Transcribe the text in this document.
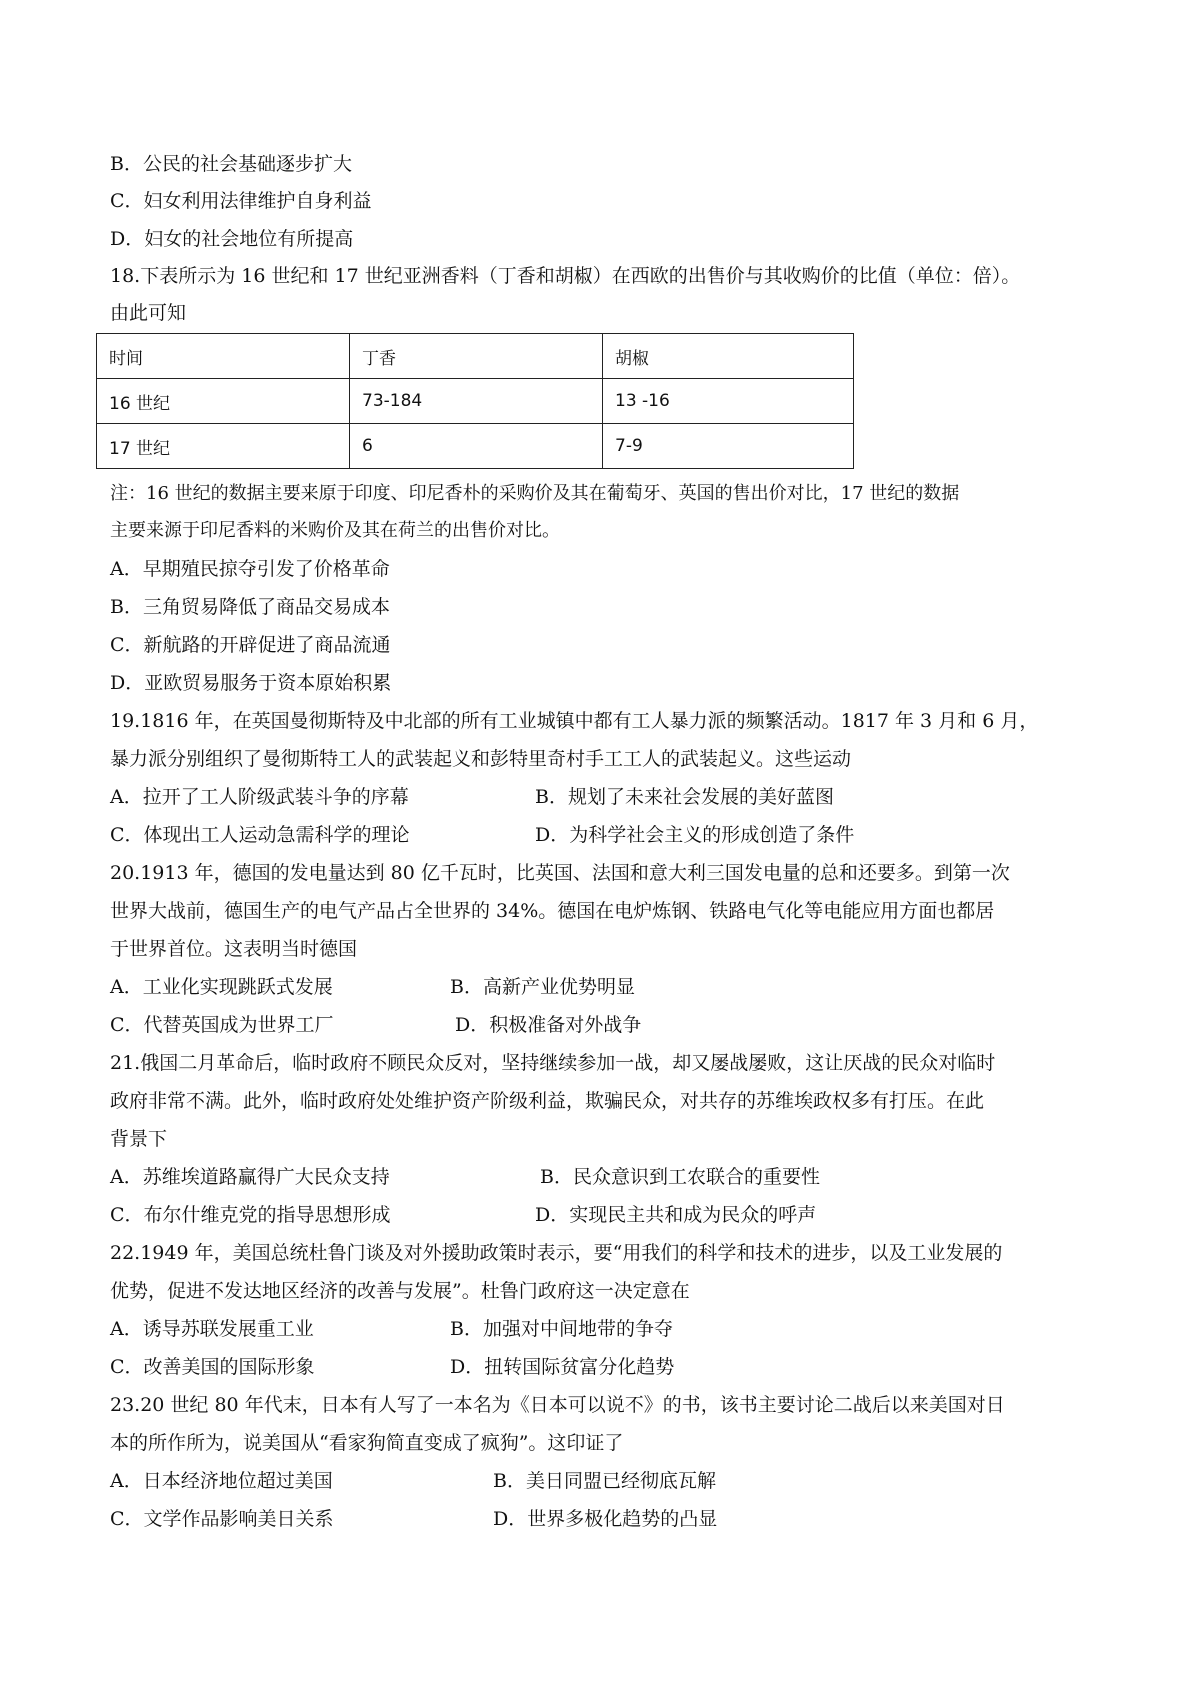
B．公民的社会基础逐步扩大
C．妇女利用法律维护自身利益
D．妇女的社会地位有所提高
18.下表所示为 16 世纪和 17 世纪亚洲香料（丁香和胡椒）在西欧的出售价与其收购价的比值（单位：倍）。
由此可知
时间	丁香	胡椒
16 世纪	73-184	13 -16
17 世纪	6	7-9
注：16 世纪的数据主要来原于印度、印尼香朴的采购价及其在葡萄牙、英国的售出价对比，17 世纪的数据
主要来源于印尼香料的米购价及其在荷兰的出售价对比。
A．早期殖民掠夺引发了价格革命
B．三角贸易降低了商品交易成本
C．新航路的开辟促进了商品流通
D．亚欧贸易服务于资本原始积累
19.1816 年，在英国曼彻斯特及中北部的所有工业城镇中都有工人暴力派的频繁活动。1817 年 3 月和 6 月，
暴力派分别组织了曼彻斯特工人的武装起义和彭特里奇村手工工人的武装起义。这些运动
A．拉开了工人阶级武装斗争的序幕	B．规划了未来社会发展的美好蓝图
C．体现出工人运动急需科学的理论	D．为科学社会主义的形成创造了条件
20.1913 年，德国的发电量达到 80 亿千瓦时，比英国、法国和意大利三国发电量的总和还要多。到第一次
世界大战前，德国生产的电气产品占全世界的 34%。德国在电炉炼钢、铁路电气化等电能应用方面也都居
于世界首位。这表明当时德国
A．工业化实现跳跃式发展	B．高新产业优势明显
C．代替英国成为世界工厂	D．积极准备对外战争
21.俄国二月革命后，临时政府不顾民众反对，坚持继续参加一战，却又屡战屡败，这让厌战的民众对临时
政府非常不满。此外，临时政府处处维护资产阶级利益，欺骗民众，对共存的苏维埃政权多有打压。在此
背景下
A．苏维埃道路赢得广大民众支持	B．民众意识到工农联合的重要性
C．布尔什维克党的指导思想形成	D．实现民主共和成为民众的呼声
22.1949 年，美国总统杜鲁门谈及对外援助政策时表示，要“用我们的科学和技术的进步，以及工业发展的
优势，促进不发达地区经济的改善与发展”。杜鲁门政府这一决定意在
A．诱导苏联发展重工业	B．加强对中间地带的争夺
C．改善美国的国际形象	D．扭转国际贫富分化趋势
23.20 世纪 80 年代末，日本有人写了一本名为《日本可以说不》的书，该书主要讨论二战后以来美国对日
本的所作所为，说美国从“看家狗简直变成了疯狗”。这印证了
A．日本经济地位超过美国	B．美日同盟已经彻底瓦解
C．文学作品影响美日关系	D．世界多极化趋势的凸显
